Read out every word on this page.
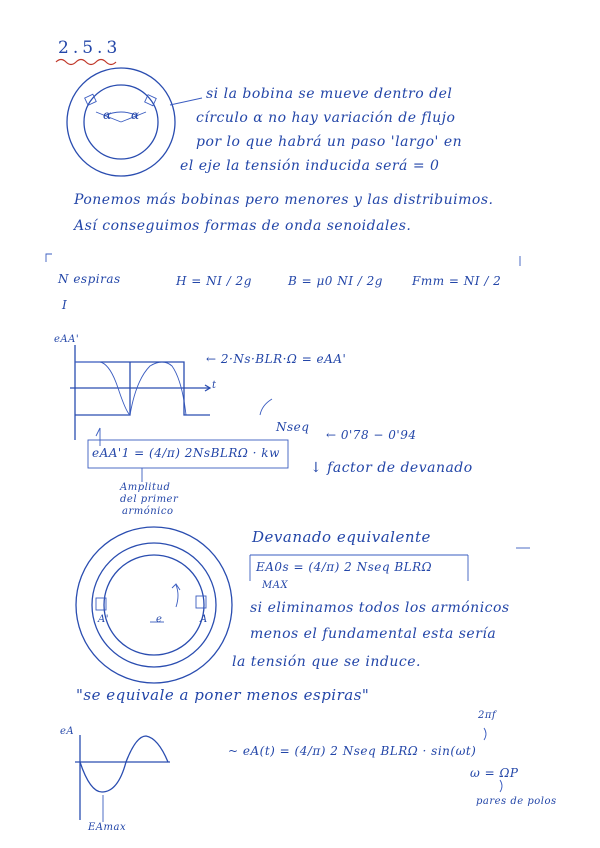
2.5.3
α α
si la bobina se mueve dentro del
círculo α no hay variación de flujo
por lo que habrá un paso 'largo' en
el eje la tensión inducida será = 0
Ponemos más bobinas pero menores y las distribuimos.
Así conseguimos formas de onda senoidales.
N espiras
I
H = NI / 2g	B = μ0 NI / 2g Fmm = NI / 2
eAA'
t
← 2·Ns·BLR·Ω = eAA'
Nseq
← 0'78 − 0'94
eAA'1 = (4/π) 2NsBLRΩ · kw
↓ factor de devanado
Amplitud
del primer
armónico
Devanado equivalente
EA0s = (4/π) 2 Nseq BLRΩ
MAX
si eliminamos todos los armónicos
menos el fundamental esta sería
la tensión que se induce.
"se equivale a poner menos espiras"
A'	A
e
eA
EAmax
2πf
~ eA(t) = (4/π) 2 Nseq BLRΩ · sin(ωt)
ω = ΩP
pares de polos
